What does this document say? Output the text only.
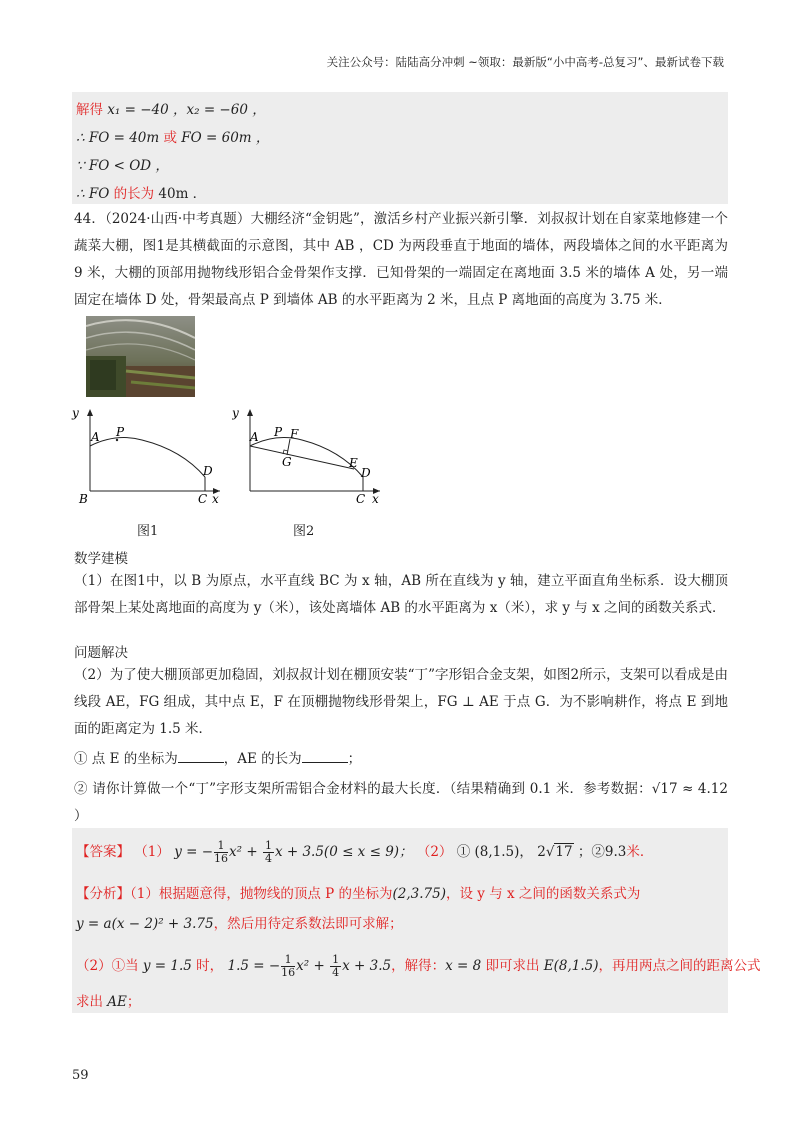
关注公众号：陆陆高分冲刺 ~领取：最新版“小中高考-总复习”、最新试卷下载
解得 x₁ = −40 ，x₂ = −60 ，
∴ FO = 40m 或 FO = 60m ，
∵ FO < OD ，
∴ FO 的长为 40m ．
44．（2024·山西·中考真题）大棚经济“金钥匙”，激活乡村产业振兴新引擎．刘叔叔计划在自家菜地修建一个蔬菜大棚，图1是其横截面的示意图，其中 AB ，CD 为两段垂直于地面的墙体，两段墙体之间的水平距离为 9 米，大棚的顶部用抛物线形铝合金骨架作支撑．已知骨架的一端固定在离地面 3.5 米的墙体 A 处，另一端固定在墙体 D 处，骨架最高点 P 到墙体 AB 的水平距离为 2 米，且点 P 离地面的高度为 3.75 米．
y
A P
D
B	C x
图1
y
A P F
G	E
D
C x
图2
数学建模
（1）在图1中，以 B 为原点，水平直线 BC 为 x 轴，AB 所在直线为 y 轴，建立平面直角坐标系．设大棚顶部骨架上某处离地面的高度为 y（米），该处离墙体 AB 的水平距离为 x（米），求 y 与 x 之间的函数关系式．
问题解决
（2）为了使大棚顶部更加稳固，刘叔叔计划在棚顶安装“丁”字形铝合金支架，如图2所示，支架可以看成是由线段 AE，FG 组成，其中点 E，F 在顶棚抛物线形骨架上，FG ⊥ AE 于点 G．为不影响耕作，将点 E 到地面的距离定为 1.5 米．
① 点 E 的坐标为	，AE 的长为	；
② 请你计算做一个“丁”字形支架所需铝合金材料的最大长度．（结果精确到 0.1 米．参考数据：√17 ≈ 4.12 ）
【答案】 （1） y = − $\frac{1}{16} x^2 + \frac{1}{4}$ x + 3.5(0 ≤ x ≤ 9)； （2） ① (8,1.5)， 2√17 ；②9.3米．
【分析】（1）根据题意得，抛物线的顶点 P 的坐标为(2,3.75)，设 y 与 x 之间的函数关系式为
y = a(x − 2)² + 3.75，然后用待定系数法即可求解；
（2）①当 y = 1.5 时， 1.5 = − $\frac{1}{16} x^2 + \frac{1}{4}$ x + 3.5，解得：x = 8 即可求出 E(8,1.5)，再用两点之间的距离公式
求出 AE；
59
